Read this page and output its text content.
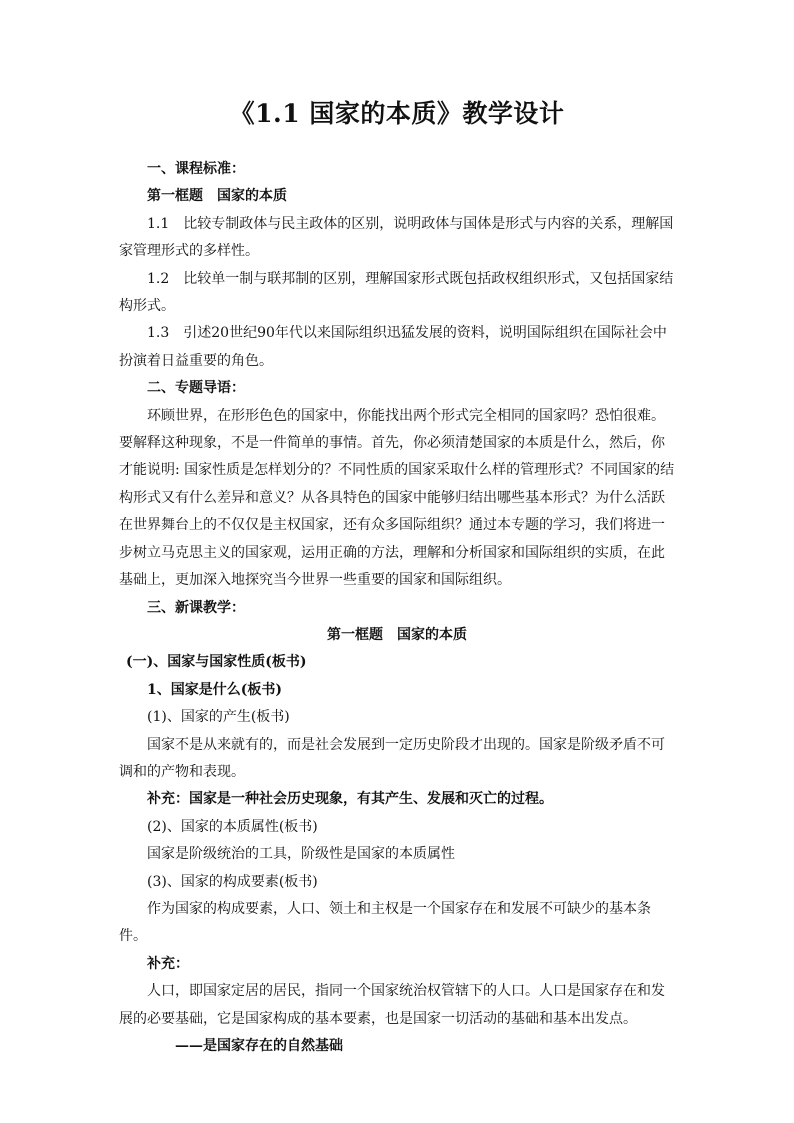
《1.1 国家的本质》教学设计

一、课程标准：

第一框题　国家的本质

1.1　比较专制政体与民主政体的区别，说明政体与国体是形式与内容的关系，理解国家管理形式的多样性。

1.2　比较单一制与联邦制的区别，理解国家形式既包括政权组织形式，又包括国家结构形式。

1.3　引述20世纪90年代以来国际组织迅猛发展的资料，说明国际组织在国际社会中扮演着日益重要的角色。

二、专题导语：

环顾世界，在形形色色的国家中，你能找出两个形式完全相同的国家吗？恐怕很难。要解释这种现象，不是一件简单的事情。首先，你必须清楚国家的本质是什么，然后，你才能说明: 国家性质是怎样划分的？不同性质的国家采取什么样的管理形式？不同国家的结构形式又有什么差异和意义？从各具特色的国家中能够归结出哪些基本形式？为什么活跃在世界舞台上的不仅仅是主权国家，还有众多国际组织？通过本专题的学习，我们将进一步树立马克思主义的国家观，运用正确的方法，理解和分析国家和国际组织的实质，在此基础上，更加深入地探究当今世界一些重要的国家和国际组织。

三、新课教学：

第一框题　国家的本质

(一)、国家与国家性质(板书)

1、国家是什么(板书)

(1)、国家的产生(板书)

国家不是从来就有的，而是社会发展到一定历史阶段才出现的。国家是阶级矛盾不可调和的产物和表现。

补充：国家是一种社会历史现象，有其产生、发展和灭亡的过程。

(2)、国家的本质属性(板书)

国家是阶级统治的工具，阶级性是国家的本质属性

(3)、国家的构成要素(板书)

作为国家的构成要素，人口、领土和主权是一个国家存在和发展不可缺少的基本条件。

补充：

人口，即国家定居的居民，指同一个国家统治权管辖下的人口。人口是国家存在和发展的必要基础，它是国家构成的基本要素，也是国家一切活动的基础和基本出发点。

——是国家存在的自然基础
